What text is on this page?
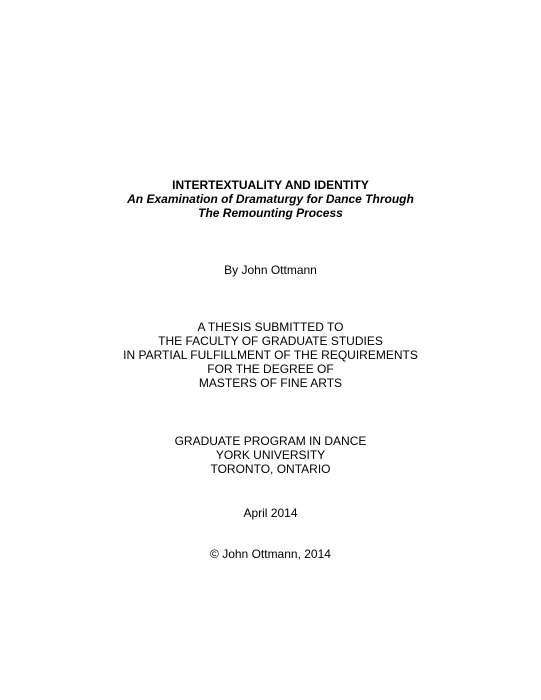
INTERTEXTUALITY AND IDENTITY
An Examination of Dramaturgy for Dance Through
The Remounting Process
By John Ottmann
A THESIS SUBMITTED TO
THE FACULTY OF GRADUATE STUDIES
IN PARTIAL FULFILLMENT OF THE REQUIREMENTS
FOR THE DEGREE OF
MASTERS OF FINE ARTS
GRADUATE PROGRAM IN DANCE
YORK UNIVERSITY
TORONTO, ONTARIO
April 2014
© John Ottmann, 2014
